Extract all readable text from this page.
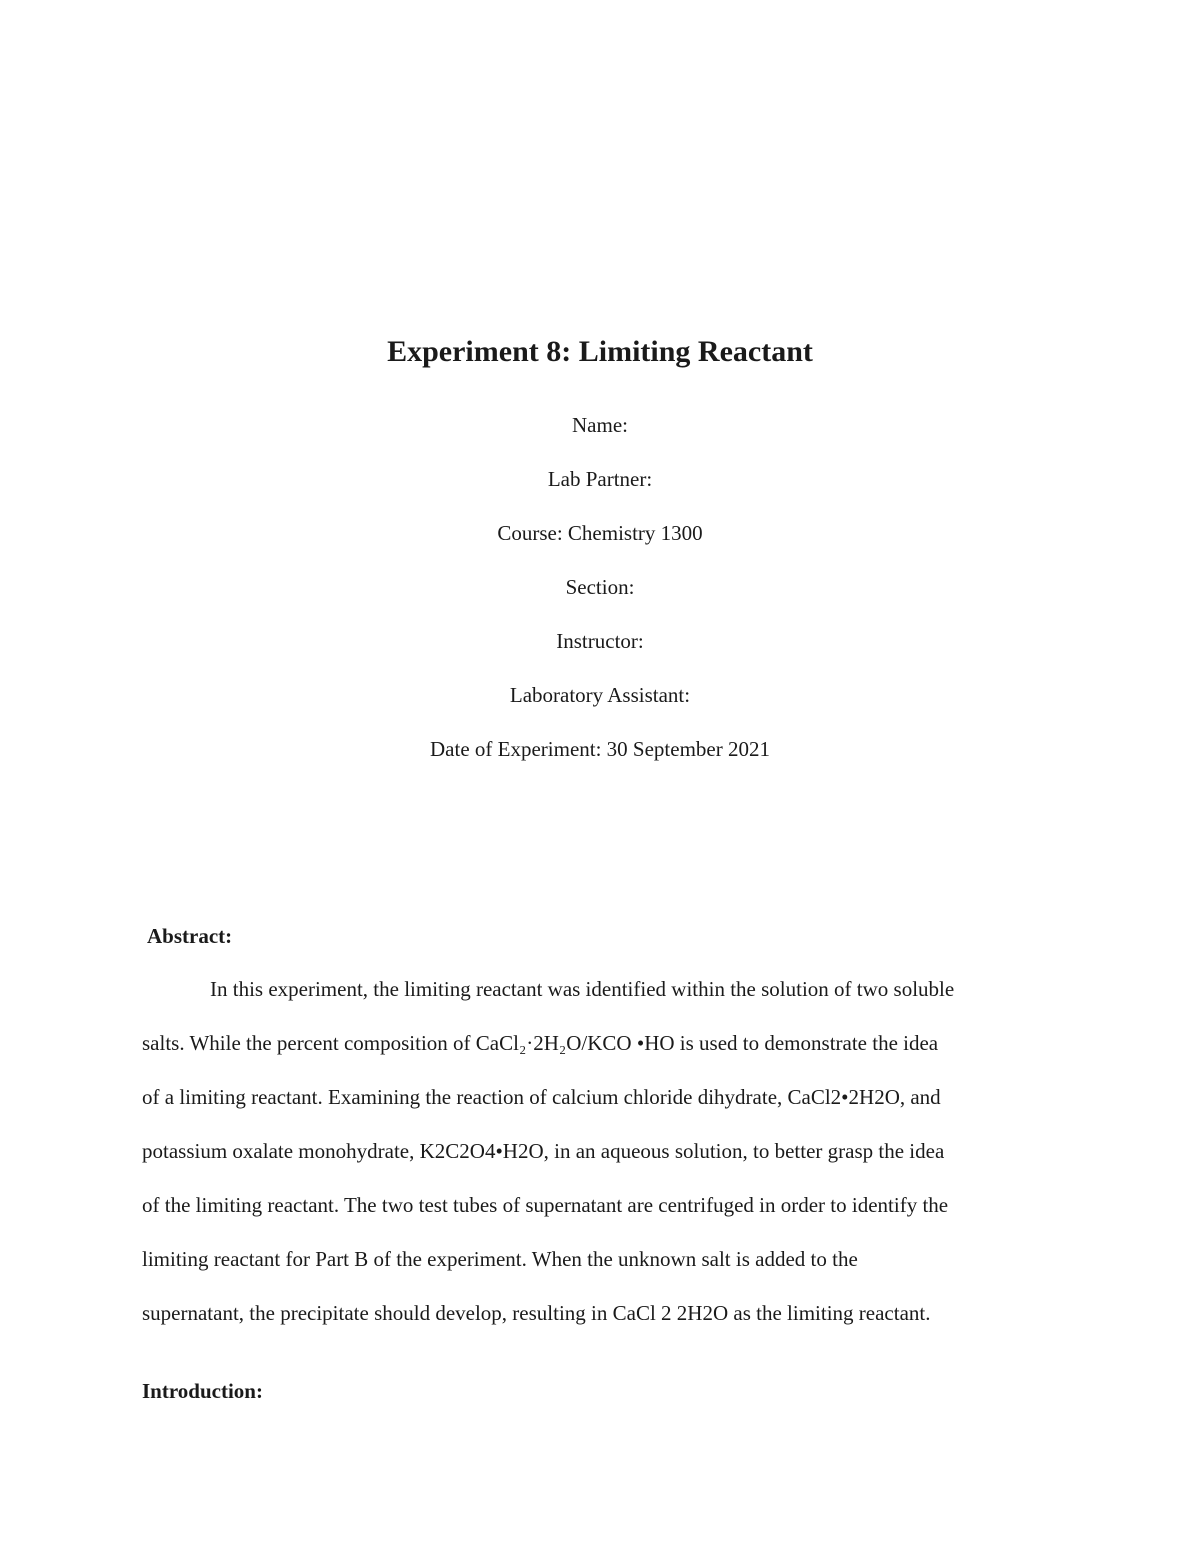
Experiment 8: Limiting Reactant

Name:

Lab Partner:

Course: Chemistry 1300

Section:

Instructor:

Laboratory Assistant:

Date of Experiment: 30 September 2021

Abstract:

In this experiment, the limiting reactant was identified within the solution of two soluble

salts. While the percent composition of CaCl₂·2H₂O/KCO •HO is used to demonstrate the idea

of a limiting reactant. Examining the reaction of calcium chloride dihydrate, CaCl2•2H2O, and

potassium oxalate monohydrate, K2C2O4•H2O, in an aqueous solution, to better grasp the idea

of the limiting reactant. The two test tubes of supernatant are centrifuged in order to identify the

limiting reactant for Part B of the experiment. When the unknown salt is added to the

supernatant, the precipitate should develop, resulting in CaCl 2 2H2O as the limiting reactant.

Introduction:
